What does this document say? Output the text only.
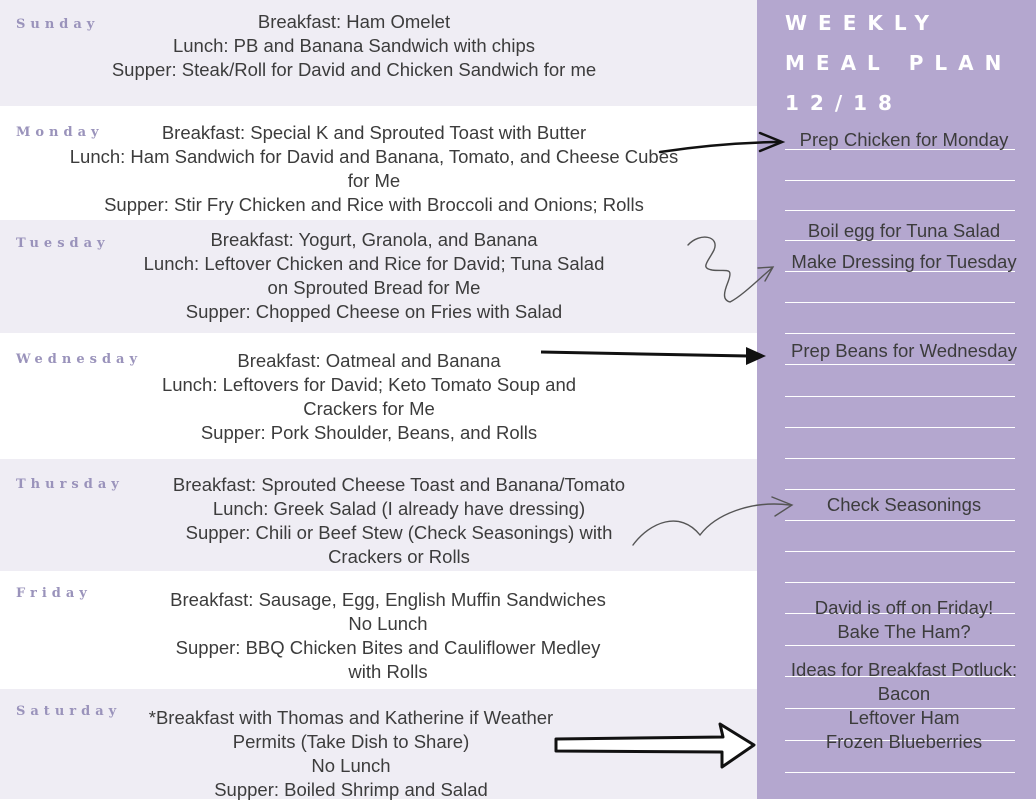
Sunday	Breakfast: Ham Omelet
Lunch: PB and Banana Sandwich with chips
Supper: Steak/Roll for David and Chicken Sandwich for me
Monday	Breakfast: Special K and Sprouted Toast with Butter
Lunch: Ham Sandwich for David and Banana, Tomato, and Cheese Cubes
for Me
Supper: Stir Fry Chicken and Rice with Broccoli and Onions; Rolls
Tuesday	Breakfast: Yogurt, Granola, and Banana
Lunch: Leftover Chicken and Rice for David; Tuna Salad
on Sprouted Bread for Me
Supper: Chopped Cheese on Fries with Salad
Wednesday	Breakfast: Oatmeal and Banana
Lunch: Leftovers for David; Keto Tomato Soup and
Crackers for Me
Supper: Pork Shoulder, Beans, and Rolls
Thursday	Breakfast: Sprouted Cheese Toast and Banana/Tomato
Lunch: Greek Salad (I already have dressing)
Supper: Chili or Beef Stew (Check Seasonings) with
Crackers or Rolls
Friday	Breakfast: Sausage, Egg, English Muffin Sandwiches
No Lunch
Supper: BBQ Chicken Bites and Cauliflower Medley
with Rolls
Saturday	*Breakfast with Thomas and Katherine if Weather
Permits (Take Dish to Share)
No Lunch
Supper: Boiled Shrimp and Salad
WEEKLY
MEAL PLAN
12/18
Prep Chicken for Monday
Boil egg for Tuna Salad
Make Dressing for Tuesday
Prep Beans for Wednesday
Check Seasonings
David is off on Friday!
Bake The Ham?
Ideas for Breakfast Potluck:
Bacon
Leftover Ham
Frozen Blueberries
